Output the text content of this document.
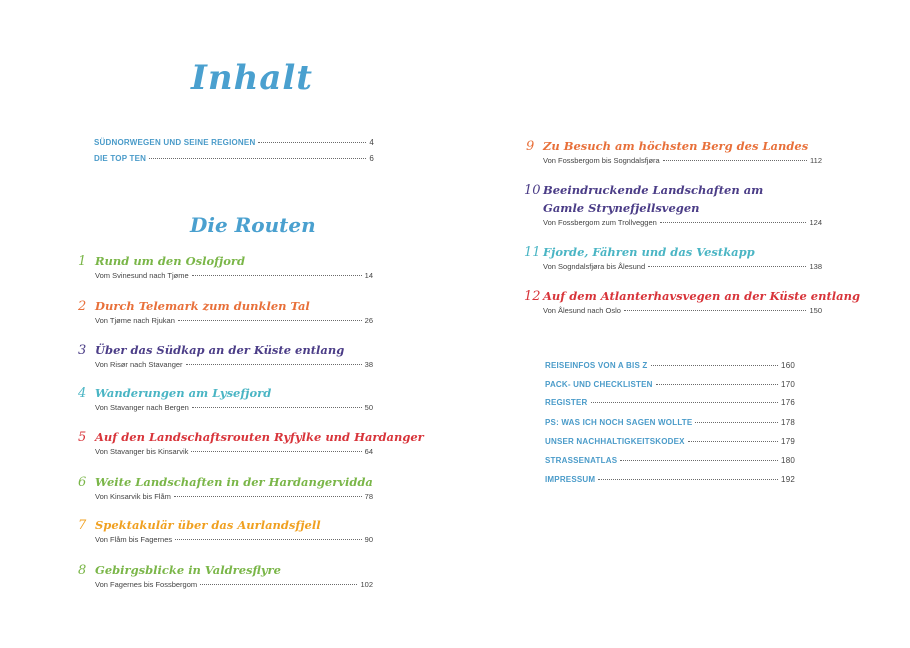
Inhalt
SÜDNORWEGEN UND SEINE REGIONEN	4
DIE TOP TEN	6
Die Routen
1 Rund um den Oslofjord
Vom Svinesund nach Tjøme	14
2 Durch Telemark zum dunklen Tal
Von Tjøme nach Rjukan	26
3 Über das Südkap an der Küste entlang
Von Risør nach Stavanger	38
4 Wanderungen am Lysefjord
Von Stavanger nach Bergen	50
5 Auf den Landschaftsrouten Ryfylke und Hardanger
Von Stavanger bis Kinsarvik	64
6 Weite Landschaften in der Hardangervidda
Von Kinsarvik bis Flåm	78
7 Spektakulär über das Aurlandsfjell
Von Flåm bis Fagernes	90
8 Gebirgsblicke in Valdresflyre
Von Fagernes bis Fossbergom	102
9 Zu Besuch am höchsten Berg des Landes
Von Fossbergom bis Sogndalsfjøra	112
10 Beeindruckende Landschaften am
Gamle Strynefjellsvegen
Von Fossbergom zum Trollveggen	124
11 Fjorde, Fähren und das Vestkapp
Von Sogndalsfjøra bis Ålesund	138
12 Auf dem Atlanterhavsvegen an der Küste entlang
Von Ålesund nach Oslo	150
REISEINFOS VON A BIS Z	160
PACK- UND CHECKLISTEN	170
REGISTER	176
PS: WAS ICH NOCH SAGEN WOLLTE	178
UNSER NACHHALTIGKEITSKODEX	179
STRASSENATLAS	180
IMPRESSUM	192
